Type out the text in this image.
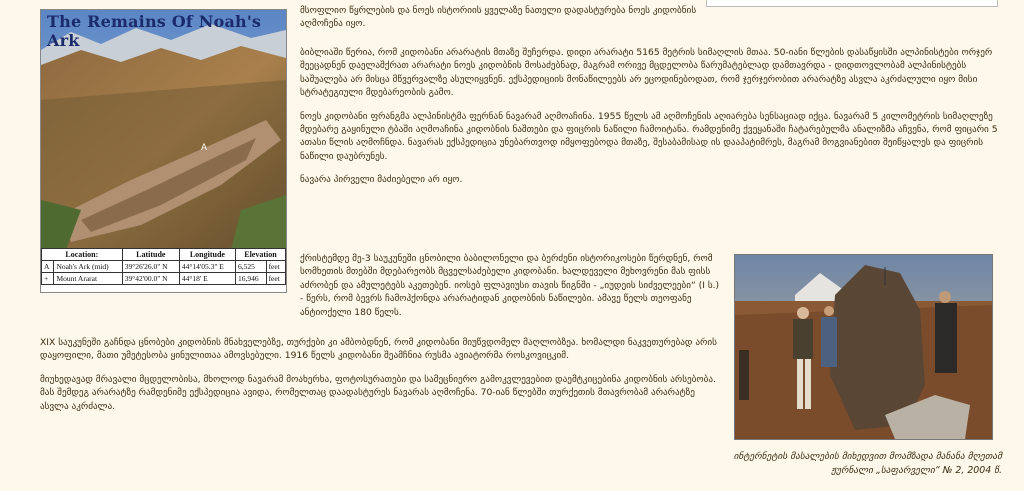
The Remains Of Noah's Ark
A
Location:		Latitude	Longitude	Elevation	
A	Noah's Ark (mid)	39°26'26.0" N	44°14'05.3" E	6,525	feet
+	Mount Ararat	39°42'00.0" N	44°18' E	16,946	feet

მსოფლიო წყრლების და ნოეს ისტორიის ყველაზე ნათელი დადასტურება ნოეს კიდობნის აღმოჩენა იყო.

ბიბლიაში წერია, რომ კიდობანი არარატის მთაზე შეჩერდა. დიდი არარატი 5165 მეტრის სიმაღლის მთაა. 50-იანი წლების დასაწყისში ალპინისტები ორჯერ შეეცადნენ დაელაშქრათ არარატი ნოეს კიდობნის მოსაძებნად, მაგრამ ორივე მცდელობა წარუმატებლად დამთავრდა - დიდთოვლობამ ალპინისტებს საშუალება არ მისცა მწვერვალზე ასულიყვნენ. ექსპედიციის მონაწილეებს არ ეცოდინებოდათ, რომ ჯერჯერობით არარატზე ასვლა აკრძალული იყო მისი სტრატეგიული მდებარეობის გამო.

ნოეს კიდობანი ფრანგმა ალპინისტმა ფერნან ნავარამ აღმოაჩინა. 1955 წელს ამ აღმოჩენის აღიარება სენსაციად იქცა. ნავარამ 5 კილომეტრის სიმაღლეზე მდებარე გაყინული ტბაში აღმოაჩინა კიდობნის ნაშთები და ფიცრის ნაწილი ჩამოიტანა. რამდენიმე ქვეყანაში ჩატარებულმა ანალიზმა აჩვენა, რომ ფიცარი 5 ათასი წლის აღმოჩნდა. ნავარას ექსპედიცია უნებართვოდ იმყოფებოდა მთაზე, შესაბამისად ის დააპატიმრეს, მაგრამ მოგვიანებით შეიწყალეს და ფიცრის ნაწილი დაუბრუნეს.

ნავარა პირველი მაძიებელი არ იყო.

ქრისტემდე მე-3 საუკუნეში ცნობილი ბაბილონელი და ბერძენი ისტორიკოსები წერდნენ, რომ სომხეთის მთებში მდებარეობს მცველსაძებელი კიდობანი. ხალდეველი მეხოვრენი მას ფისს აძრობენ და ამულეტებს აკეთებენ. იოსებ ფლავიუსი თავის წიგნში - „იუდეის სიძველეები“ (I ს.) - წერს, რომ ბევრს ჩამოჰქონდა არარატიდან კიდობნის ნაწილები. ამავე წელს თეოფანე ანტიოქელი 180 წელს.

XIX საუკუნეში გაჩნდა ცნობები კიდობნის მნახველებზე, თურქები კი ამბობდნენ, რომ კიდობანი მიუწვდომელ მაღლობზეა. ხომალდი ნაკვეთურებად არის დაყოფილი, მათი უმეტესობა ყინულითაა ამოვსებული. 1916 წელს კიდობანი შეამჩნია რუსმა ავიატორმა როსკოვიცკიმ.

მიუხედავად მრავალი მცდელობისა, მხოლოდ ნავარამ მოახერხა, ფოტოსურათები და სამეცნიერო გამოკვლევებით დაემტკიცებინა კიდობნის არსებობა. მას შემდეგ არარატზე რამდენიმე ექსპედიცია ავიდა, რომელთაც დაადასტურეს ნავარას აღმოჩენა. 70-იან წლებში თურქეთის მთავრობამ არარატზე ასვლა აკრძალა.

ინტერნეტის მასალების მიხედვით მოამზადა მანანა მღეთამ
ჟურნალი „საფარველი“ № 2, 2004 წ.
